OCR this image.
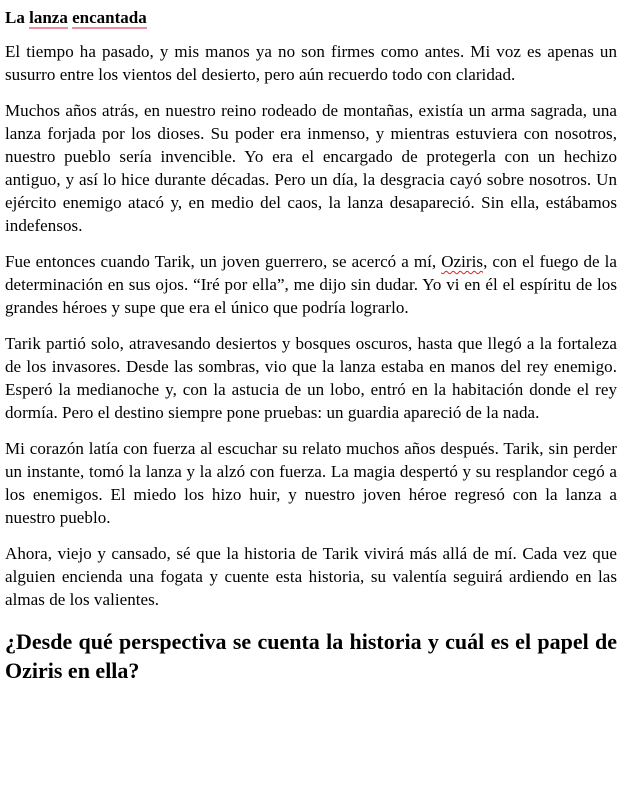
La lanza encantada

El tiempo ha pasado, y mis manos ya no son firmes como antes. Mi voz es apenas un susurro entre los vientos del desierto, pero aún recuerdo todo con claridad.

Muchos años atrás, en nuestro reino rodeado de montañas, existía un arma sagrada, una lanza forjada por los dioses. Su poder era inmenso, y mientras estuviera con nosotros, nuestro pueblo sería invencible. Yo era el encargado de protegerla con un hechizo antiguo, y así lo hice durante décadas. Pero un día, la desgracia cayó sobre nosotros. Un ejército enemigo atacó y, en medio del caos, la lanza desapareció. Sin ella, estábamos indefensos.

Fue entonces cuando Tarik, un joven guerrero, se acercó a mí, Oziris, con el fuego de la determinación en sus ojos. “Iré por ella”, me dijo sin dudar. Yo vi en él el espíritu de los grandes héroes y supe que era el único que podría lograrlo.

Tarik partió solo, atravesando desiertos y bosques oscuros, hasta que llegó a la fortaleza de los invasores. Desde las sombras, vio que la lanza estaba en manos del rey enemigo. Esperó la medianoche y, con la astucia de un lobo, entró en la habitación donde el rey dormía. Pero el destino siempre pone pruebas: un guardia apareció de la nada.

Mi corazón latía con fuerza al escuchar su relato muchos años después. Tarik, sin perder un instante, tomó la lanza y la alzó con fuerza. La magia despertó y su resplandor cegó a los enemigos. El miedo los hizo huir, y nuestro joven héroe regresó con la lanza a nuestro pueblo.

Ahora, viejo y cansado, sé que la historia de Tarik vivirá más allá de mí. Cada vez que alguien encienda una fogata y cuente esta historia, su valentía seguirá ardiendo en las almas de los valientes.

¿Desde qué perspectiva se cuenta la historia y cuál es el papel de Oziris en ella?
